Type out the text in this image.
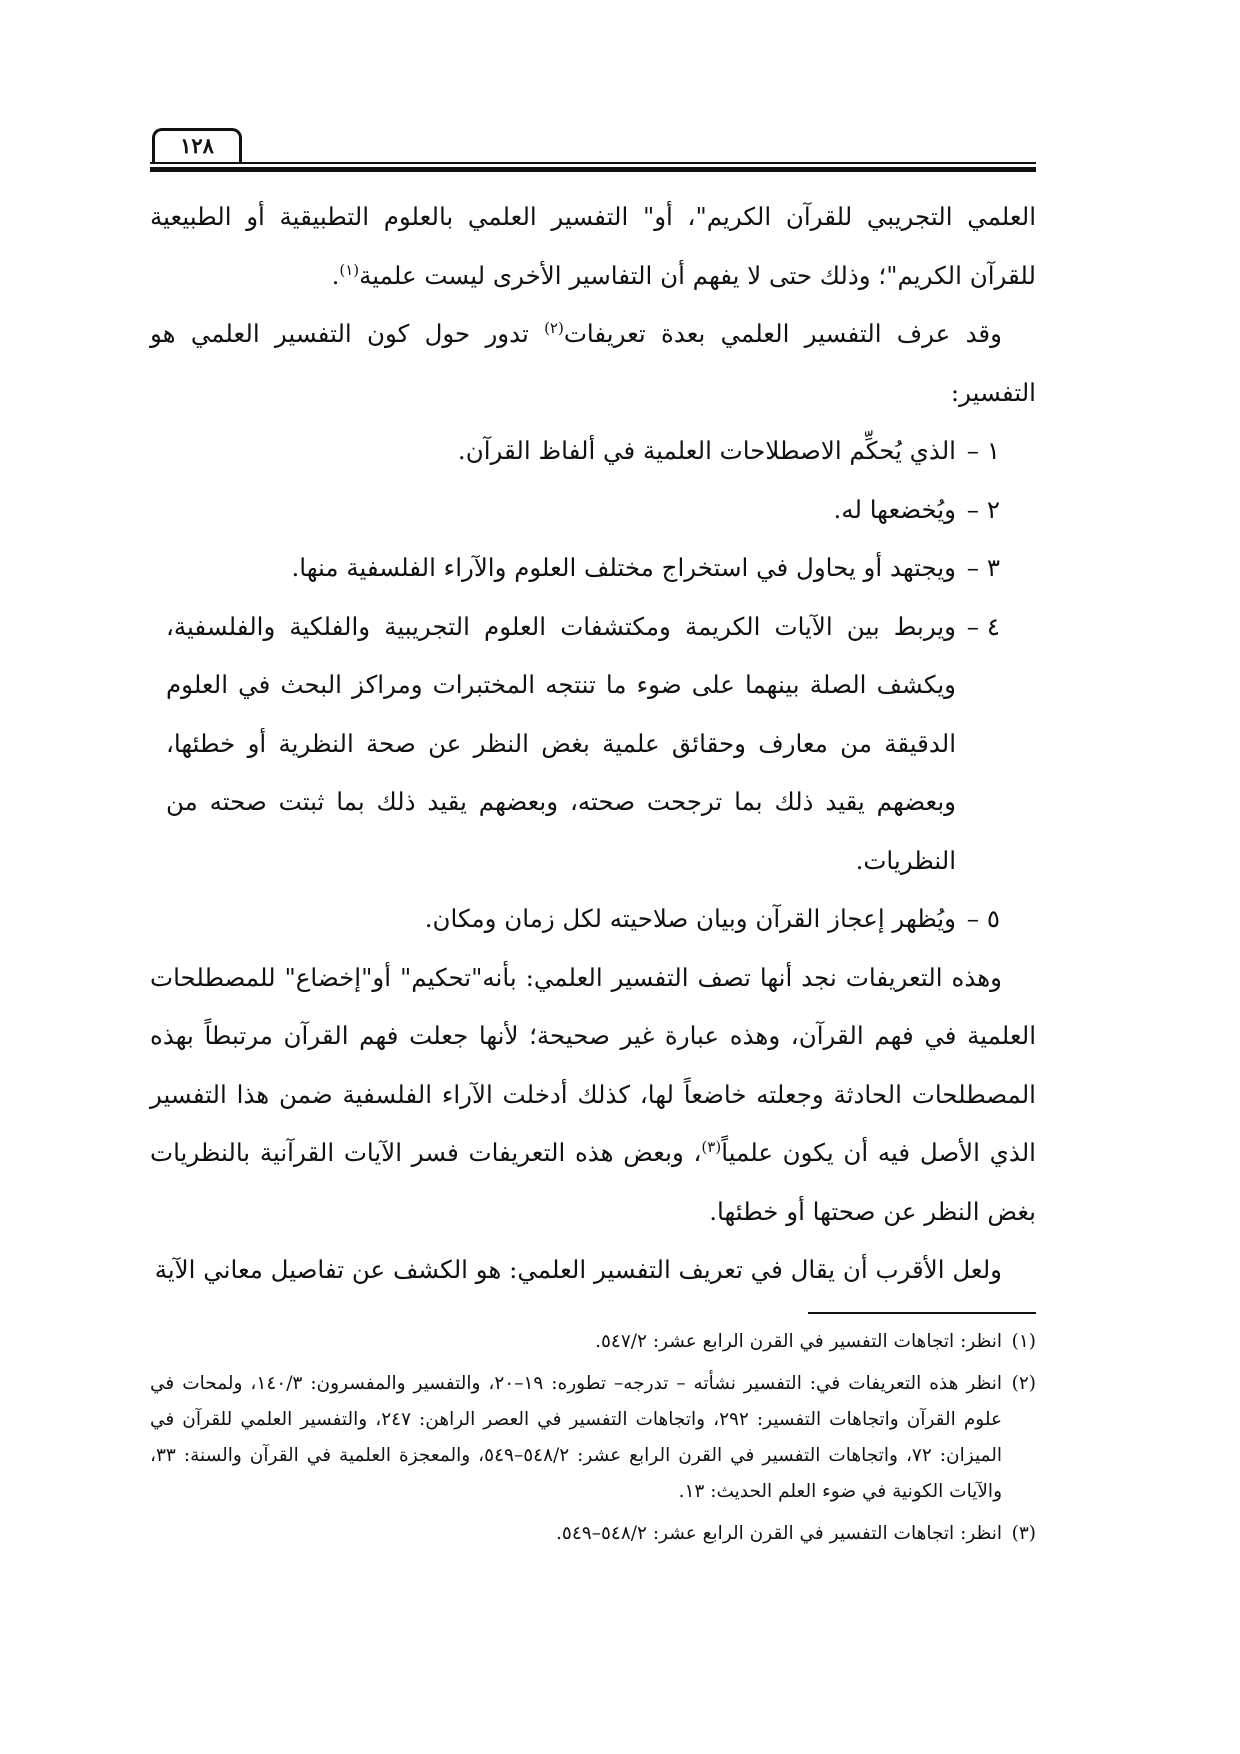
١٢٨

العلمي التجريبي للقرآن الكريم"، أو" التفسير العلمي بالعلوم التطبيقية أو الطبيعية للقرآن الكريم"؛ وذلك حتى لا يفهم أن التفاسير الأخرى ليست علمية$^{(١)}$.

وقد عرف التفسير العلمي بعدة تعريفات$^{(٢)}$ تدور حول كون التفسير العلمي هو التفسير:

١ –
الذي يُحكِّم الاصطلاحات العلمية في ألفاظ القرآن.
٢ –
ويُخضعها له.
٣ –
ويجتهد أو يحاول في استخراج مختلف العلوم والآراء الفلسفية منها.
٤ –
ويربط بين الآيات الكريمة ومكتشفات العلوم التجريبية والفلكية والفلسفية، ويكشف الصلة بينهما على ضوء ما تنتجه المختبرات ومراكز البحث في العلوم الدقيقة من معارف وحقائق علمية بغض النظر عن صحة النظرية أو خطئها، وبعضهم يقيد ذلك بما ترجحت صحته، وبعضهم يقيد ذلك بما ثبتت صحته من النظريات.
٥ –
ويُظهر إعجاز القرآن وبيان صلاحيته لكل زمان ومكان.

وهذه التعريفات نجد أنها تصف التفسير العلمي: بأنه"تحكيم" أو"إخضاع" للمصطلحات العلمية في فهم القرآن، وهذه عبارة غير صحيحة؛ لأنها جعلت فهم القرآن مرتبطاً بهذه المصطلحات الحادثة وجعلته خاضعاً لها، كذلك أدخلت الآراء الفلسفية ضمن هذا التفسير الذي الأصل فيه أن يكون علمياً$^{(٣)}$، وبعض هذه التعريفات فسر الآيات القرآنية بالنظريات بغض النظر عن صحتها أو خطئها.

ولعل الأقرب أن يقال في تعريف التفسير العلمي: هو الكشف عن تفاصيل معاني الآية

(١)
انظر: اتجاهات التفسير في القرن الرابع عشر: ٥٤٧/٢.
(٢)
انظر هذه التعريفات في: التفسير نشأته – تدرجه– تطوره: ١٩–٢٠، والتفسير والمفسرون: ١٤٠/٣، ولمحات في علوم القرآن واتجاهات التفسير: ٢٩٢، واتجاهات التفسير في العصر الراهن: ٢٤٧، والتفسير العلمي للقرآن في الميزان: ٧٢، واتجاهات التفسير في القرن الرابع عشر: ٥٤٨/٢–٥٤٩، والمعجزة العلمية في القرآن والسنة: ٣٣، والآيات الكونية في ضوء العلم الحديث: ١٣.
(٣)
انظر: اتجاهات التفسير في القرن الرابع عشر: ٥٤٨/٢–٥٤٩.
